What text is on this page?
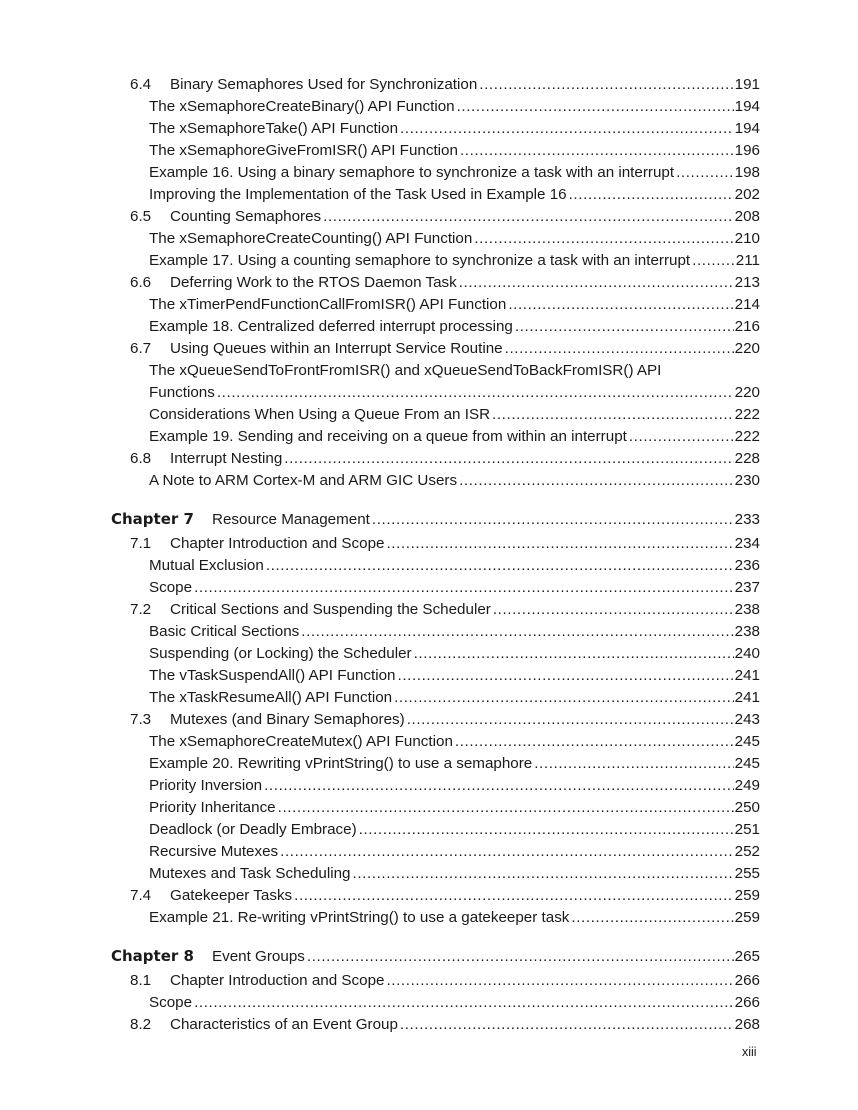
6.4	Binary Semaphores Used for Synchronization .....	191
The xSemaphoreCreateBinary() API Function .....	194
The xSemaphoreTake() API Function .....	194
The xSemaphoreGiveFromISR() API Function .....	196
Example 16. Using a binary semaphore to synchronize a task with an interrupt .....	198
Improving the Implementation of the Task Used in Example 16 .....	202
6.5	Counting Semaphores .....	208
The xSemaphoreCreateCounting() API Function .....	210
Example 17. Using a counting semaphore to synchronize a task with an interrupt .....	211
6.6	Deferring Work to the RTOS Daemon Task .....	213
The xTimerPendFunctionCallFromISR() API Function .....	214
Example 18. Centralized deferred interrupt processing .....	216
6.7	Using Queues within an Interrupt Service Routine .....	220
The xQueueSendToFrontFromISR() and xQueueSendToBackFromISR() API
Functions .....	220
Considerations When Using a Queue From an ISR .....	222
Example 19. Sending and receiving on a queue from within an interrupt .....	222
6.8	Interrupt Nesting .....	228
A Note to ARM Cortex-M and ARM GIC Users .....	230
Chapter 7	Resource Management .....	233
7.1	Chapter Introduction and Scope .....	234
Mutual Exclusion .....	236
Scope .....	237
7.2	Critical Sections and Suspending the Scheduler .....	238
Basic Critical Sections .....	238
Suspending (or Locking) the Scheduler .....	240
The vTaskSuspendAll() API Function .....	241
The xTaskResumeAll() API Function .....	241
7.3	Mutexes (and Binary Semaphores) .....	243
The xSemaphoreCreateMutex() API Function .....	245
Example 20. Rewriting vPrintString() to use a semaphore .....	245
Priority Inversion .....	249
Priority Inheritance .....	250
Deadlock (or Deadly Embrace) .....	251
Recursive Mutexes .....	252
Mutexes and Task Scheduling .....	255
7.4	Gatekeeper Tasks .....	259
Example 21. Re-writing vPrintString() to use a gatekeeper task .....	259
Chapter 8	Event Groups .....	265
8.1	Chapter Introduction and Scope .....	266
Scope .....	266
8.2	Characteristics of an Event Group .....	268
xiii
